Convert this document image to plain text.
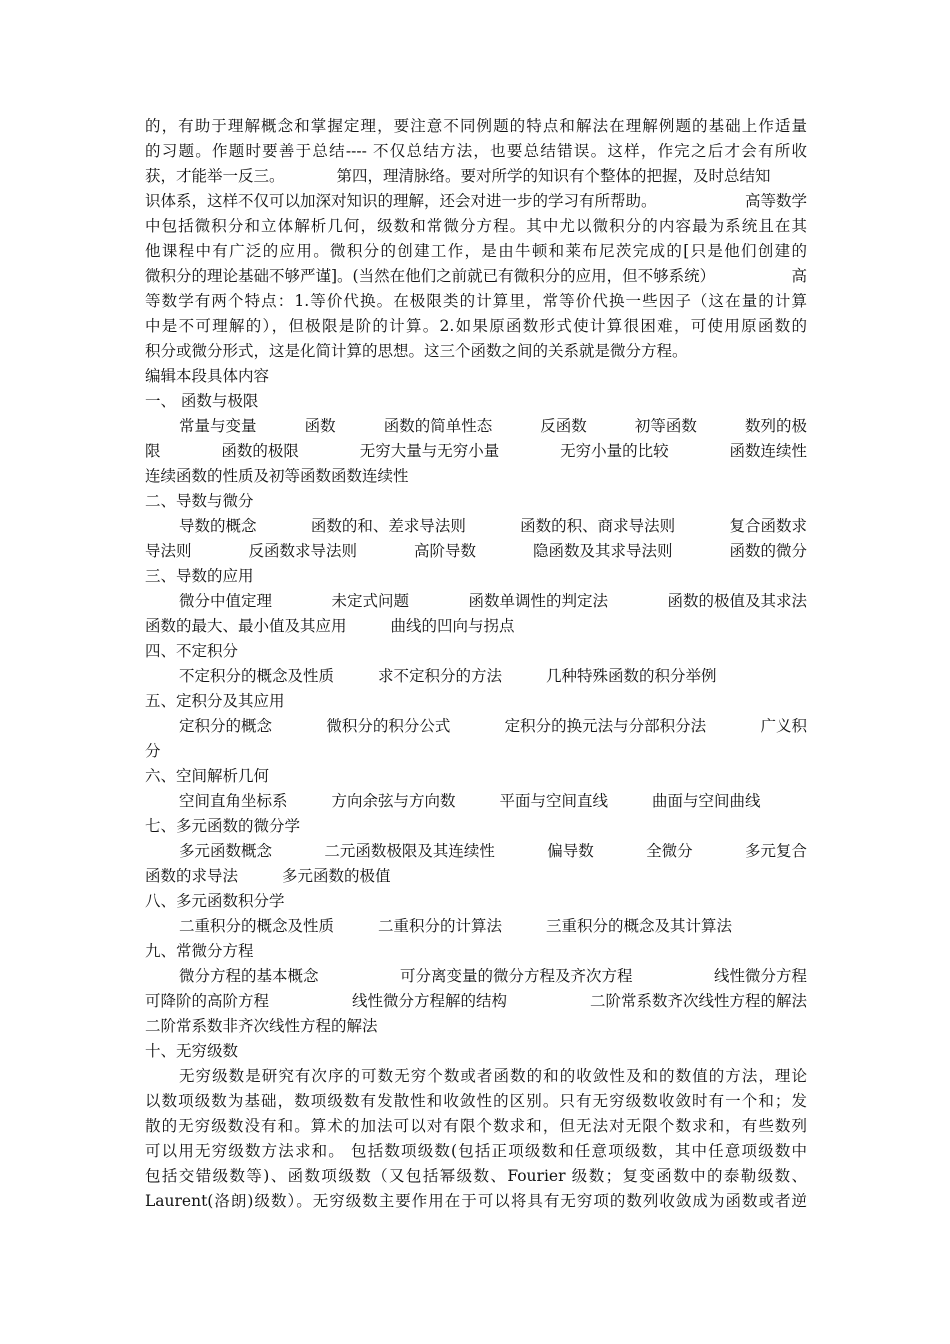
的，有助于理解概念和掌握定理，要注意不同例题的特点和解法在理解例题的基础上作适量
的习题。作题时要善于总结---- 不仅总结方法，也要总结错误。这样，作完之后才会有所收
获，才能举一反三。	第四，理清脉络。要对所学的知识有个整体的把握，及时总结知
识体系，这样不仅可以加深对知识的理解，还会对进一步的学习有所帮助。	高等数学
中包括微积分和立体解析几何，级数和常微分方程。其中尤以微积分的内容最为系统且在其
他课程中有广泛的应用。微积分的创建工作，是由牛顿和莱布尼茨完成的[只是他们创建的
微积分的理论基础不够严谨]。(当然在他们之前就已有微积分的应用，但不够系统）	高
等数学有两个特点：1.等价代换。在极限类的计算里，常等价代换一些因子（这在量的计算
中是不可理解的），但极限是阶的计算。2.如果原函数形式使计算很困难，可使用原函数的
积分或微分形式，这是化简计算的思想。这三个函数之间的关系就是微分方程。
编辑本段具体内容
一、 函数与极限
常量与变量	函数	函数的简单性态	反函数	初等函数	数列的极
限	函数的极限	无穷大量与无穷小量	无穷小量的比较	函数连续性
连续函数的性质及初等函数函数连续性
二、导数与微分
导数的概念	函数的和、差求导法则	函数的积、商求导法则	复合函数求
导法则	反函数求导法则	高阶导数	隐函数及其求导法则	函数的微分
三、导数的应用
微分中值定理	未定式问题	函数单调性的判定法	函数的极值及其求法
函数的最大、最小值及其应用	曲线的凹向与拐点
四、不定积分
不定积分的概念及性质	求不定积分的方法	几种特殊函数的积分举例
五、定积分及其应用
定积分的概念	微积分的积分公式	定积分的换元法与分部积分法	广义积
分
六、空间解析几何
空间直角坐标系	方向余弦与方向数	平面与空间直线	曲面与空间曲线
七、多元函数的微分学
多元函数概念	二元函数极限及其连续性	偏导数	全微分	多元复合
函数的求导法	多元函数的极值
八、多元函数积分学
二重积分的概念及性质	二重积分的计算法	三重积分的概念及其计算法
九、常微分方程
微分方程的基本概念	可分离变量的微分方程及齐次方程	线性微分方程
可降阶的高阶方程	线性微分方程解的结构	二阶常系数齐次线性方程的解法
二阶常系数非齐次线性方程的解法
十、无穷级数
无穷级数是研究有次序的可数无穷个数或者函数的和的收敛性及和的数值的方法，理论
以数项级数为基础，数项级数有发散性和收敛性的区别。只有无穷级数收敛时有一个和；发
散的无穷级数没有和。算术的加法可以对有限个数求和，但无法对无限个数求和，有些数列
可以用无穷级数方法求和。 包括数项级数(包括正项级数和任意项级数，其中任意项级数中
包括交错级数等)、函数项级数（又包括幂级数、Fourier 级数；复变函数中的泰勒级数、
Laurent(洛朗)级数）。无穷级数主要作用在于可以将具有无穷项的数列收敛成为函数或者逆
